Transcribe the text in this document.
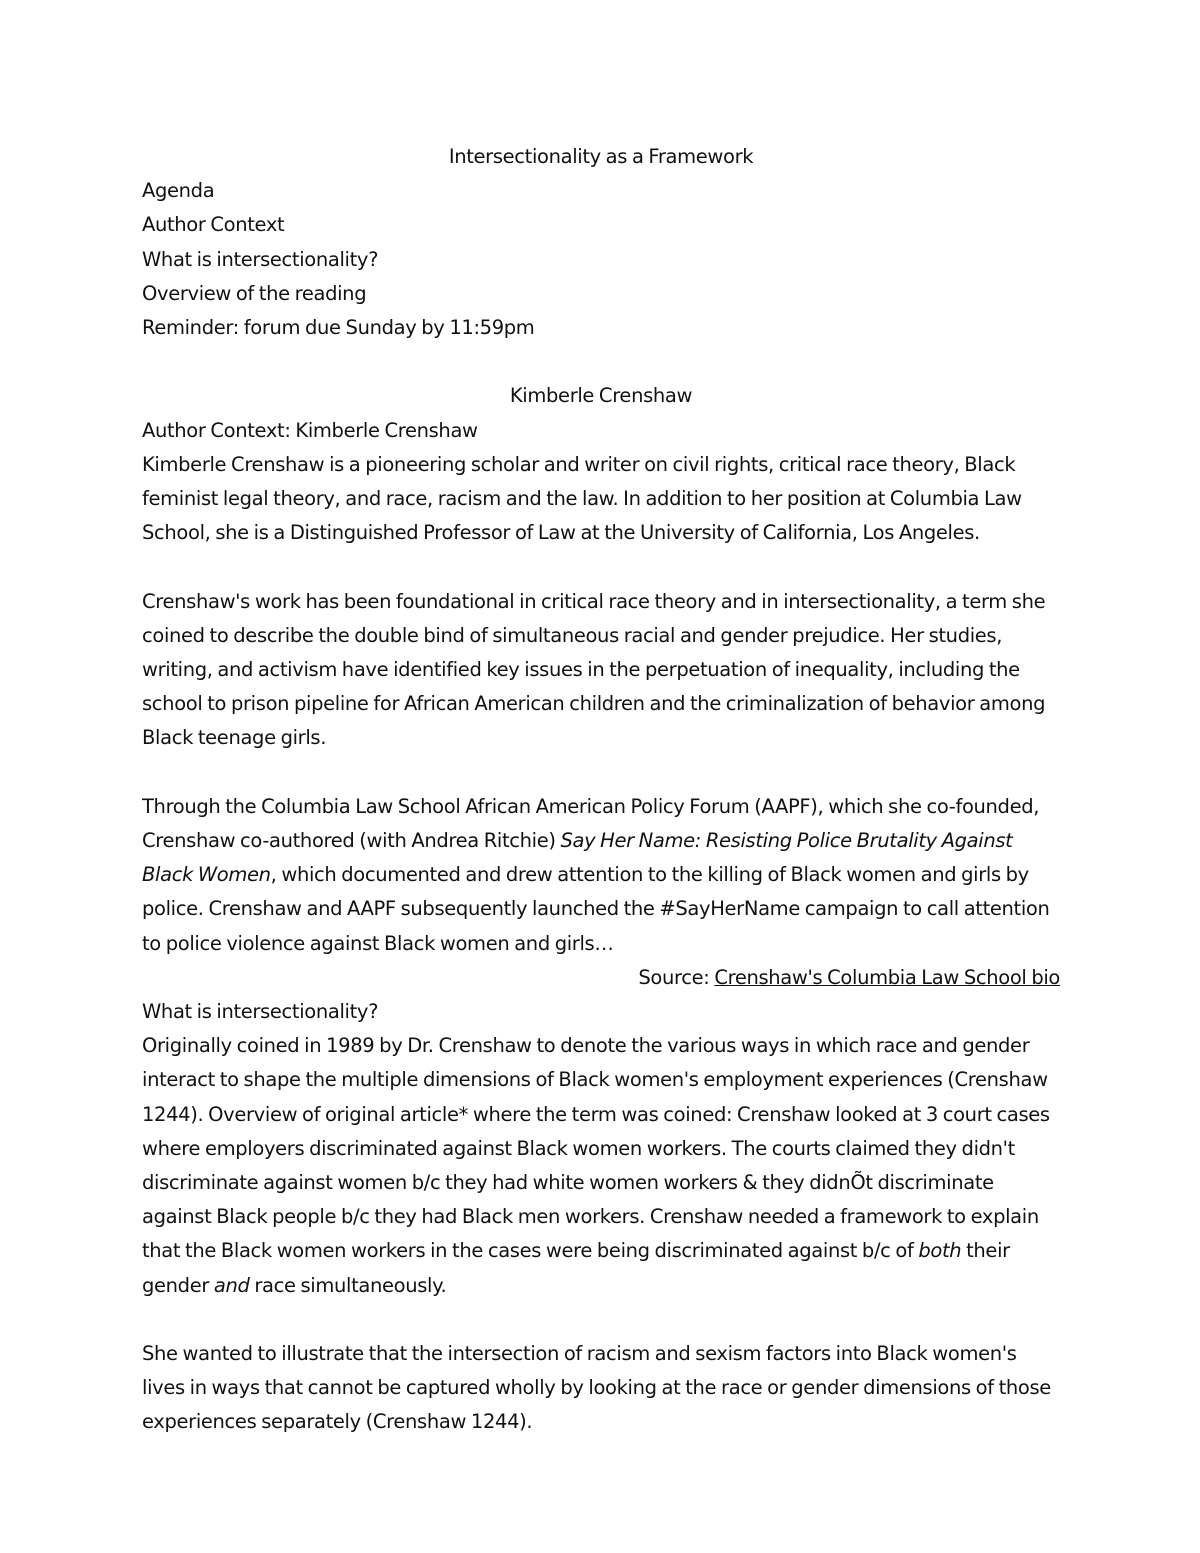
Intersectionality as a Framework
Agenda
Author Context
What is intersectionality?
Overview of the reading
Reminder: forum due Sunday by 11:59pm
Kimberle Crenshaw
Author Context: Kimberle Crenshaw
Kimberle Crenshaw is a pioneering scholar and writer on civil rights, critical race theory, Black feminist legal theory, and race, racism and the law. In addition to her position at Columbia Law School, she is a Distinguished Professor of Law at the University of California, Los Angeles.
Crenshaw's work has been foundational in critical race theory and in intersectionality, a term she coined to describe the double bind of simultaneous racial and gender prejudice. Her studies, writing, and activism have identified key issues in the perpetuation of inequality, including the school to prison pipeline for African American children and the criminalization of behavior among Black teenage girls.
Through the Columbia Law School African American Policy Forum (AAPF), which she co-founded, Crenshaw co-authored (with Andrea Ritchie) Say Her Name: Resisting Police Brutality Against Black Women, which documented and drew attention to the killing of Black women and girls by police. Crenshaw and AAPF subsequently launched the #SayHerName campaign to call attention to police violence against Black women and girls…
Source: Crenshaw's Columbia Law School bio
What is intersectionality?
Originally coined in 1989 by Dr. Crenshaw to denote the various ways in which race and gender interact to shape the multiple dimensions of Black women's employment experiences (Crenshaw 1244). Overview of original article* where the term was coined: Crenshaw looked at 3 court cases where employers discriminated against Black women workers. The courts claimed they didn't discriminate against women b/c they had white women workers & they didnÕt discriminate against Black people b/c they had Black men workers. Crenshaw needed a framework to explain that the Black women workers in the cases were being discriminated against b/c of both their gender and race simultaneously.
She wanted to illustrate that the intersection of racism and sexism factors into Black women's lives in ways that cannot be captured wholly by looking at the race or gender dimensions of those experiences separately (Crenshaw 1244).
